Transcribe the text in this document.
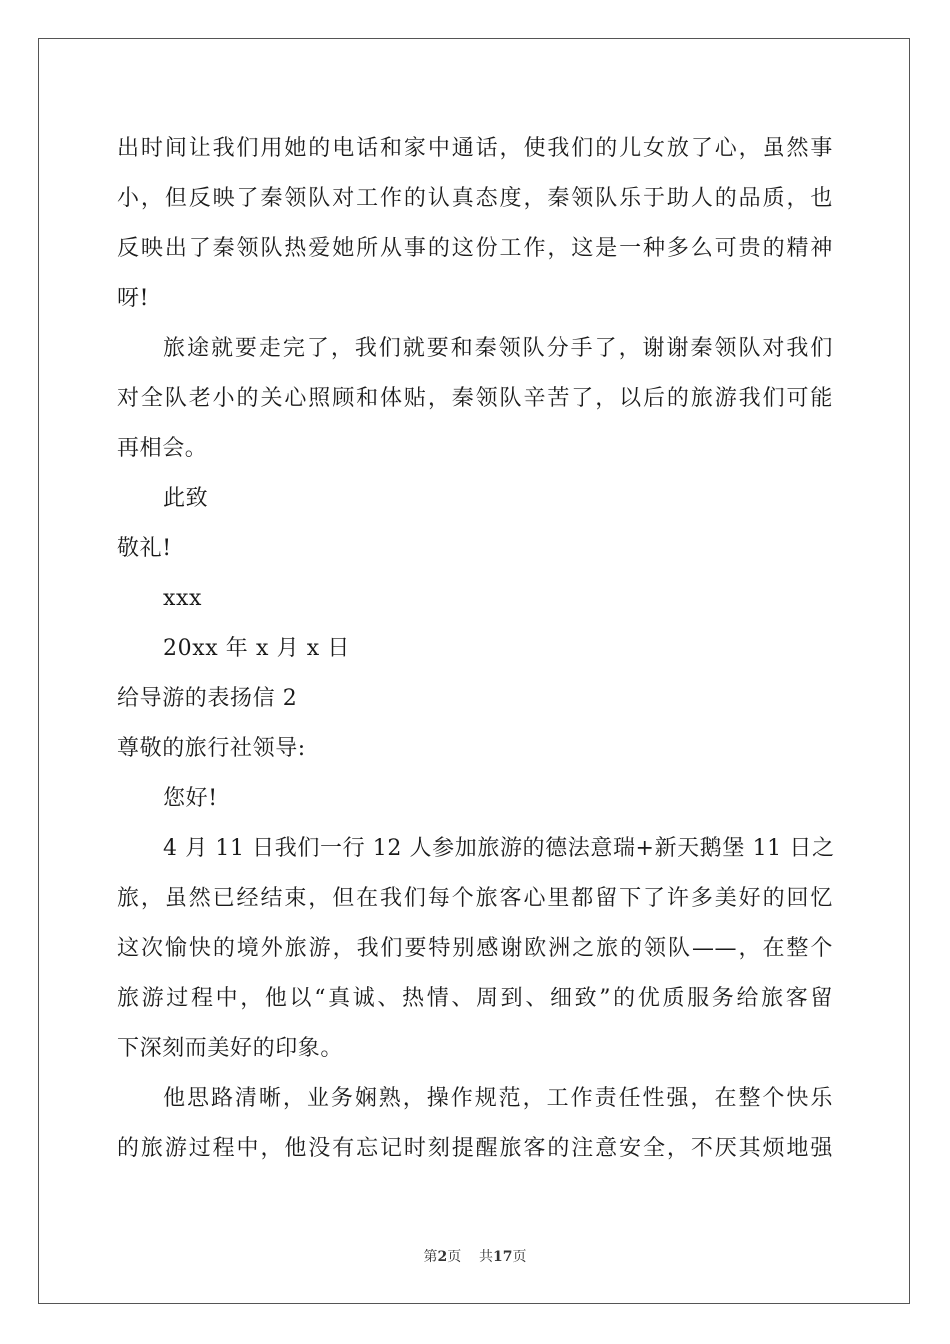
出时间让我们用她的电话和家中通话，使我们的儿女放了心，虽然事
小，但反映了秦领队对工作的认真态度，秦领队乐于助人的品质，也
反映出了秦领队热爱她所从事的这份工作，这是一种多么可贵的精神
呀!
旅途就要走完了，我们就要和秦领队分手了，谢谢秦领队对我们
对全队老小的关心照顾和体贴，秦领队辛苦了，以后的旅游我们可能
再相会。
此致
敬礼!
xxx
20xx 年 x 月 x 日
给导游的表扬信 2
尊敬的旅行社领导:
您好!
4 月 11 日我们一行 12 人参加旅游的德法意瑞+新天鹅堡 11 日之
旅，虽然已经结束，但在我们每个旅客心里都留下了许多美好的回忆
这次愉快的境外旅游，我们要特别感谢欧洲之旅的领队——，在整个
旅游过程中，他以“真诚、热情、周到、细致”的优质服务给旅客留
下深刻而美好的印象。
他思路清晰，业务娴熟，操作规范，工作责任性强，在整个快乐
的旅游过程中，他没有忘记时刻提醒旅客的注意安全，不厌其烦地强
第2页 共17页
